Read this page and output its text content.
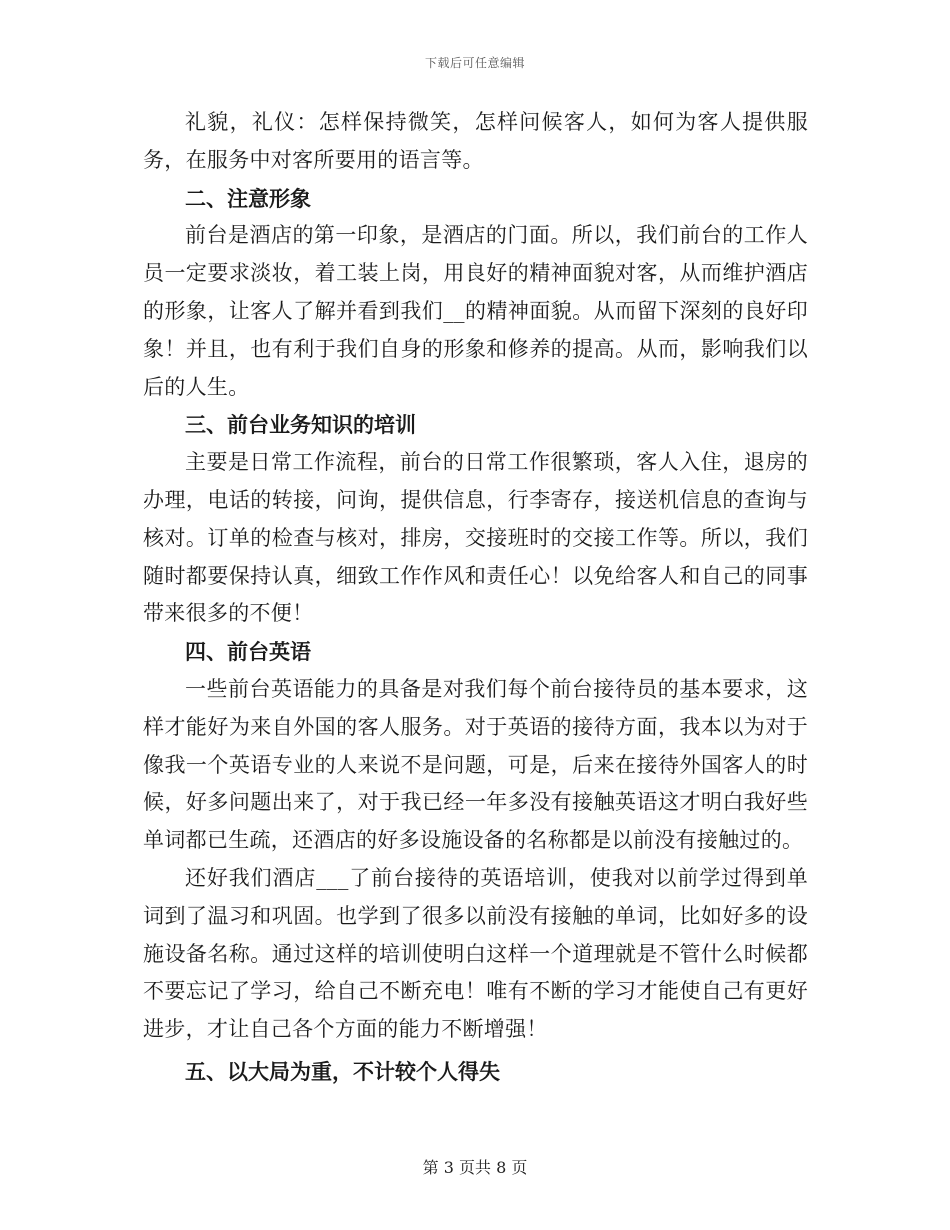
下载后可任意编辑

礼貌，礼仪：怎样保持微笑，怎样问候客人，如何为客人提供服务，在服务中对客所要用的语言等。

二、注意形象

前台是酒店的第一印象，是酒店的门面。所以，我们前台的工作人员一定要求淡妆，着工装上岗，用良好的精神面貌对客，从而维护酒店的形象，让客人了解并看到我们__的精神面貌。从而留下深刻的良好印象！并且，也有利于我们自身的形象和修养的提高。从而，影响我们以后的人生。

三、前台业务知识的培训

主要是日常工作流程，前台的日常工作很繁琐，客人入住，退房的办理，电话的转接，问询，提供信息，行李寄存，接送机信息的查询与核对。订单的检查与核对，排房，交接班时的交接工作等。所以，我们随时都要保持认真，细致工作作风和责任心！以免给客人和自己的同事带来很多的不便！

四、前台英语

一些前台英语能力的具备是对我们每个前台接待员的基本要求，这样才能好为来自外国的客人服务。对于英语的接待方面，我本以为对于像我一个英语专业的人来说不是问题，可是，后来在接待外国客人的时候，好多问题出来了，对于我已经一年多没有接触英语这才明白我好些单词都已生疏，还酒店的好多设施设备的名称都是以前没有接触过的。

还好我们酒店___了前台接待的英语培训，使我对以前学过得到单词到了温习和巩固。也学到了很多以前没有接触的单词，比如好多的设施设备名称。通过这样的培训使明白这样一个道理就是不管什么时候都不要忘记了学习，给自己不断充电！唯有不断的学习才能使自己有更好进步，才让自己各个方面的能力不断增强！

五、以大局为重，不计较个人得失

第 3 页共 8 页
